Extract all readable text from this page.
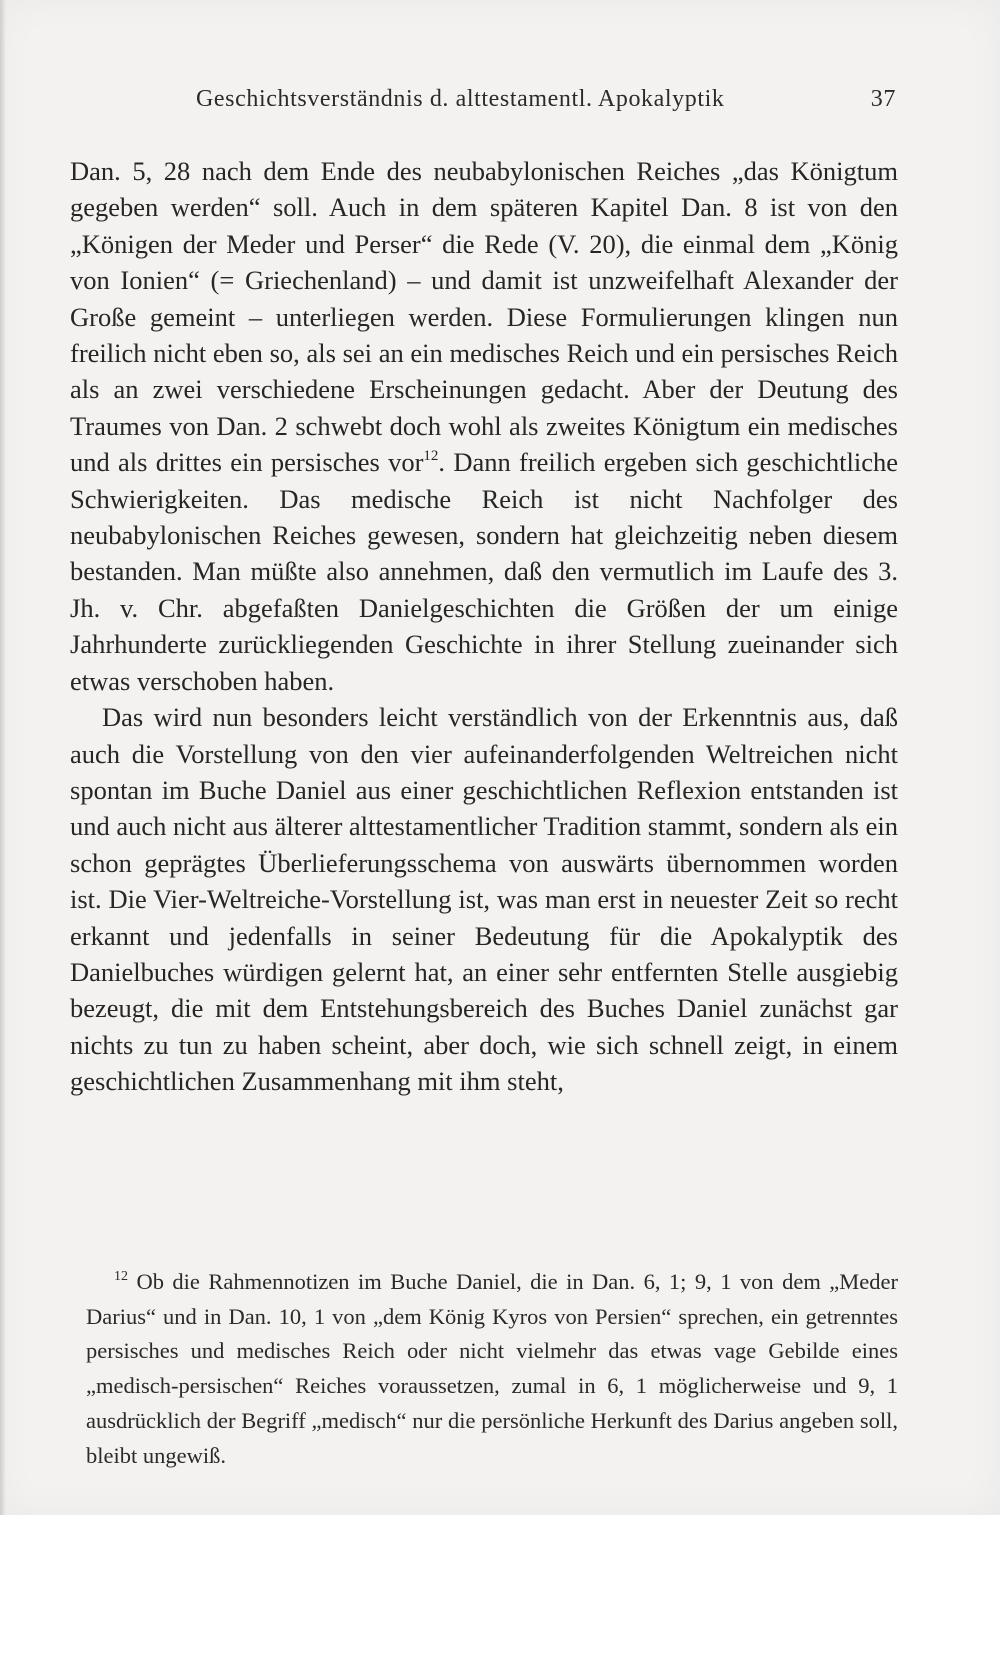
Geschichtsverständnis d. alttestamentl. Apokalyptik	37

Dan. 5, 28 nach dem Ende des neubabylonischen Reiches „das Königtum gegeben werden“ soll. Auch in dem späteren Kapitel Dan. 8 ist von den „Königen der Meder und Perser“ die Rede (V. 20), die einmal dem „König von Ionien“ (= Griechenland) – und damit ist unzweifelhaft Alexander der Große gemeint – unterliegen werden. Diese Formulierungen klingen nun freilich nicht eben so, als sei an ein medisches Reich und ein persisches Reich als an zwei verschiedene Erscheinungen gedacht. Aber der Deutung des Traumes von Dan. 2 schwebt doch wohl als zweites Königtum ein medisches und als drittes ein persisches vor$^{12}$. Dann freilich ergeben sich geschichtliche Schwierigkeiten. Das medische Reich ist nicht Nachfolger des neubabylonischen Reiches gewesen, sondern hat gleichzeitig neben diesem bestanden. Man müßte also annehmen, daß den vermutlich im Laufe des 3. Jh. v. Chr. abgefaßten Danielgeschichten die Größen der um einige Jahrhunderte zurückliegenden Geschichte in ihrer Stellung zueinander sich etwas verschoben haben.

Das wird nun besonders leicht verständlich von der Erkenntnis aus, daß auch die Vorstellung von den vier aufeinanderfolgenden Weltreichen nicht spontan im Buche Daniel aus einer geschichtlichen Reflexion entstanden ist und auch nicht aus älterer alttestamentlicher Tradition stammt, sondern als ein schon geprägtes Überlieferungsschema von auswärts übernommen worden ist. Die Vier-Weltreiche-Vorstellung ist, was man erst in neuester Zeit so recht erkannt und jedenfalls in seiner Bedeutung für die Apokalyptik des Danielbuches würdigen gelernt hat, an einer sehr entfernten Stelle ausgiebig bezeugt, die mit dem Entstehungsbereich des Buches Daniel zunächst gar nichts zu tun zu haben scheint, aber doch, wie sich schnell zeigt, in einem geschichtlichen Zusammenhang mit ihm steht,

$^{12}$ Ob die Rahmennotizen im Buche Daniel, die in Dan. 6, 1; 9, 1 von dem „Meder Darius“ und in Dan. 10, 1 von „dem König Kyros von Persien“ sprechen, ein getrenntes persisches und medisches Reich oder nicht vielmehr das etwas vage Gebilde eines „medisch-persischen“ Reiches voraussetzen, zumal in 6, 1 möglicherweise und 9, 1 ausdrücklich der Begriff „medisch“ nur die persönliche Herkunft des Darius angeben soll, bleibt ungewiß.
